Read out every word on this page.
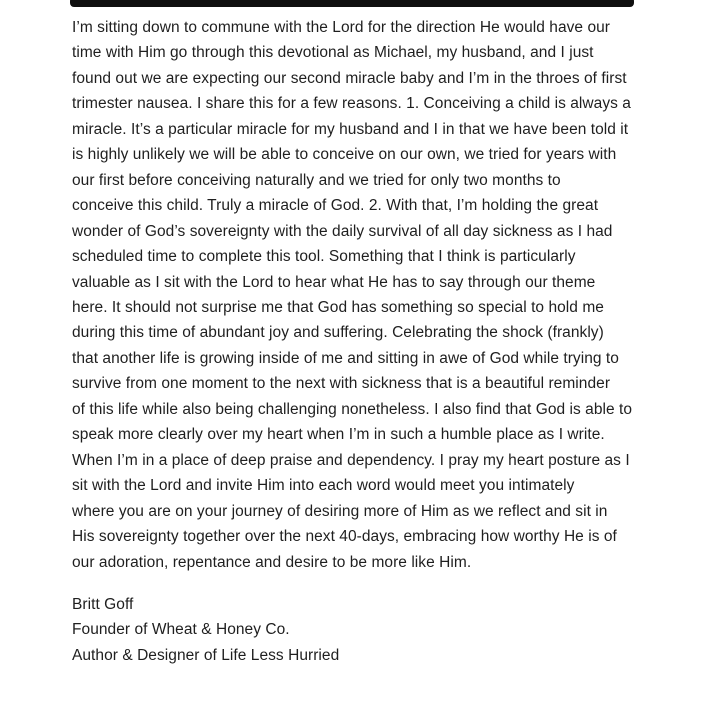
I’m sitting down to commune with the Lord for the direction He would have our
time with Him go through this devotional as Michael, my husband, and I just
found out we are expecting our second miracle baby and I’m in the throes of first
trimester nausea. I share this for a few reasons. 1. Conceiving a child is always a
miracle. It’s a particular miracle for my husband and I in that we have been told it
is highly unlikely we will be able to conceive on our own, we tried for years with
our first before conceiving naturally and we tried for only two months to
conceive this child. Truly a miracle of God. 2. With that, I’m holding the great
wonder of God’s sovereignty with the daily survival of all day sickness as I had
scheduled time to complete this tool. Something that I think is particularly
valuable as I sit with the Lord to hear what He has to say through our theme
here. It should not surprise me that God has something so special to hold me
during this time of abundant joy and suffering. Celebrating the shock (frankly)
that another life is growing inside of me and sitting in awe of God while trying to
survive from one moment to the next with sickness that is a beautiful reminder
of this life while also being challenging nonetheless. I also find that God is able to
speak more clearly over my heart when I’m in such a humble place as I write.
When I’m in a place of deep praise and dependency. I pray my heart posture as I
sit with the Lord and invite Him into each word would meet you intimately
where you are on your journey of desiring more of Him as we reflect and sit in
His sovereignty together over the next 40-days, embracing how worthy He is of
our adoration, repentance and desire to be more like Him.
Britt Goff
Founder of Wheat & Honey Co.
Author & Designer of Life Less Hurried
